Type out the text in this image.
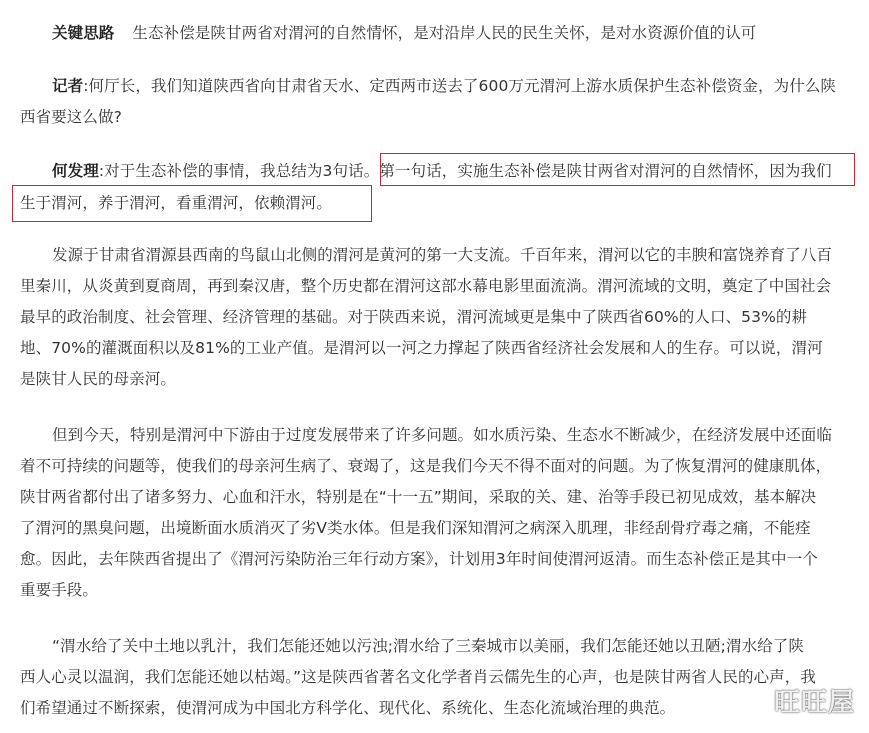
关键思路 生态补偿是陕甘两省对渭河的自然情怀，是对沿岸人民的民生关怀，是对水资源价值的认可
记者:何厅长，我们知道陕西省向甘肃省天水、定西两市送去了600万元渭河上游水质保护生态补偿资金，为什么陕
西省要这么做?
何发理:对于生态补偿的事情，我总结为3句话。第一句话，实施生态补偿是陕甘两省对渭河的自然情怀，因为我们
生于渭河，养于渭河，看重渭河，依赖渭河。
发源于甘肃省渭源县西南的鸟鼠山北侧的渭河是黄河的第一大支流。千百年来，渭河以它的丰腴和富饶养育了八百
里秦川，从炎黄到夏商周，再到秦汉唐，整个历史都在渭河这部水幕电影里面流淌。渭河流域的文明，奠定了中国社会
最早的政治制度、社会管理、经济管理的基础。对于陕西来说，渭河流域更是集中了陕西省60%的人口、53%的耕
地、70%的灌溉面积以及81%的工业产值。是渭河以一河之力撑起了陕西省经济社会发展和人的生存。可以说，渭河
是陕甘人民的母亲河。
但到今天，特别是渭河中下游由于过度发展带来了许多问题。如水质污染、生态水不断减少，在经济发展中还面临
着不可持续的问题等，使我们的母亲河生病了、衰竭了，这是我们今天不得不面对的问题。为了恢复渭河的健康肌体，
陕甘两省都付出了诸多努力、心血和汗水，特别是在“十一五”期间，采取的关、建、治等手段已初见成效，基本解决
了渭河的黑臭问题，出境断面水质消灭了劣Ⅴ类水体。但是我们深知渭河之病深入肌理，非经刮骨疗毒之痛，不能痊
愈。因此，去年陕西省提出了《渭河污染防治三年行动方案》，计划用3年时间使渭河返清。而生态补偿正是其中一个
重要手段。
“渭水给了关中土地以乳汁，我们怎能还她以污浊;渭水给了三秦城市以美丽，我们怎能还她以丑陋;渭水给了陕
西人心灵以温润，我们怎能还她以枯竭。”这是陕西省著名文化学者肖云儒先生的心声，也是陕甘两省人民的心声，我
们希望通过不断探索，使渭河成为中国北方科学化、现代化、系统化、生态化流域治理的典范。	旺旺屋
